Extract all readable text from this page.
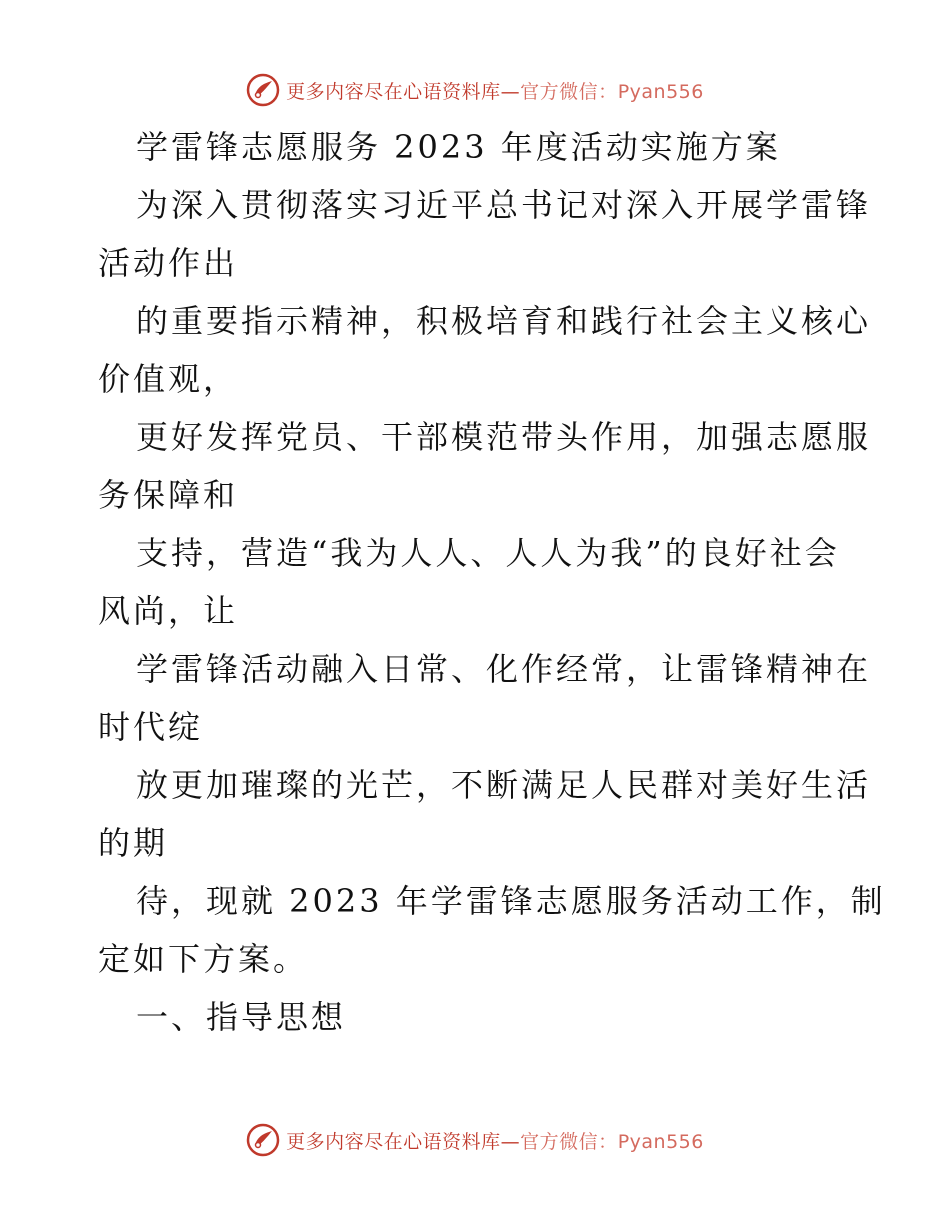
更多内容尽在心语资料库—官方微信：Pyan556
学雷锋志愿服务 2023 年度活动实施方案
为深入贯彻落实习近平总书记对深入开展学雷锋
活动作出
的重要指示精神，积极培育和践行社会主义核心
价值观，
更好发挥党员、干部模范带头作用，加强志愿服
务保障和
支持，营造“我为人人、人人为我”的良好社会
风尚，让
学雷锋活动融入日常、化作经常，让雷锋精神在
时代绽
放更加璀璨的光芒，不断满足人民群对美好生活
的期
待，现就 2023 年学雷锋志愿服务活动工作，制
定如下方案。
一、指导思想
更多内容尽在心语资料库—官方微信：Pyan556
